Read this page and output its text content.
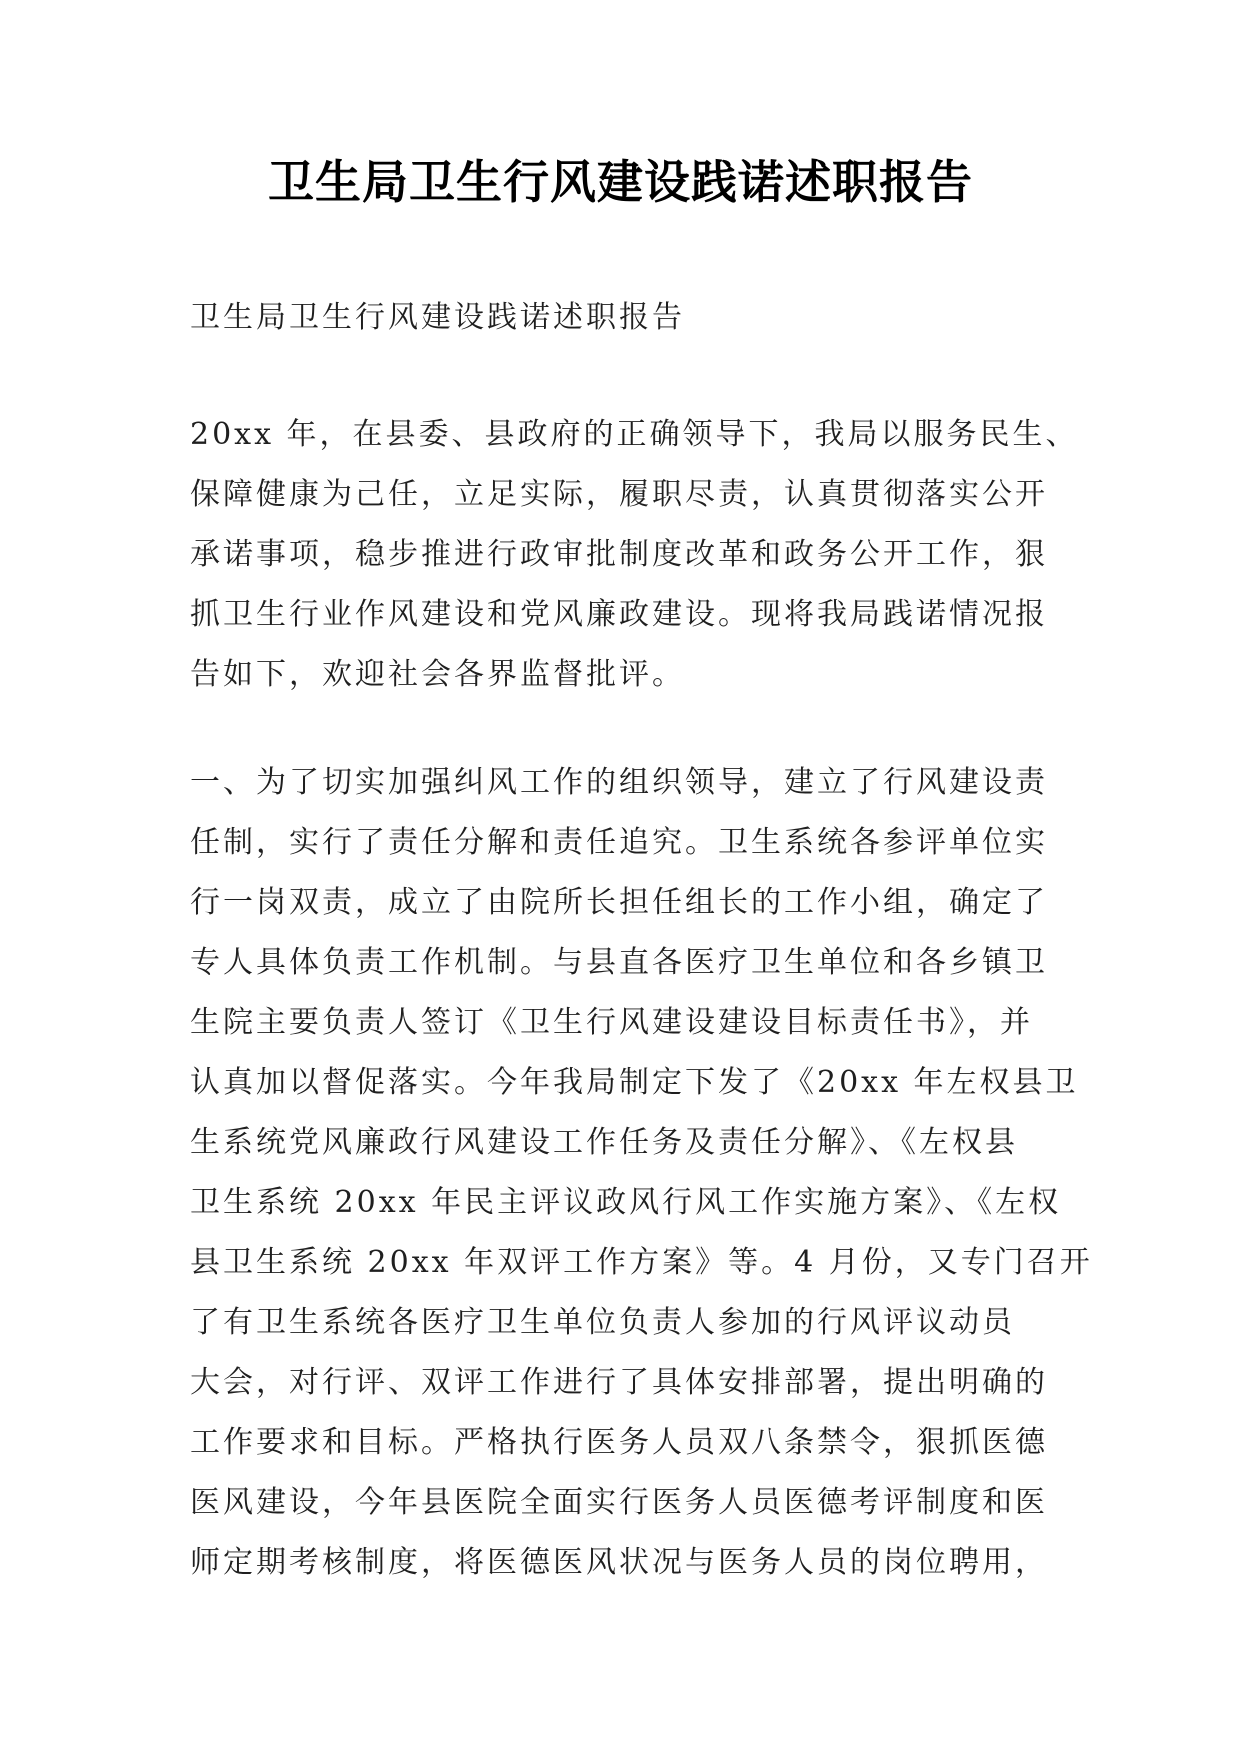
卫生局卫生行风建设践诺述职报告

卫生局卫生行风建设践诺述职报告

20xx 年，在县委、县政府的正确领导下，我局以服务民生、
保障健康为己任，立足实际，履职尽责，认真贯彻落实公开
承诺事项，稳步推进行政审批制度改革和政务公开工作，狠
抓卫生行业作风建设和党风廉政建设。现将我局践诺情况报
告如下，欢迎社会各界监督批评。

一、为了切实加强纠风工作的组织领导，建立了行风建设责
任制，实行了责任分解和责任追究。卫生系统各参评单位实
行一岗双责，成立了由院所长担任组长的工作小组，确定了
专人具体负责工作机制。与县直各医疗卫生单位和各乡镇卫
生院主要负责人签订《卫生行风建设建设目标责任书》，并
认真加以督促落实。今年我局制定下发了《20xx 年左权县卫
生系统党风廉政行风建设工作任务及责任分解》、《左权县
卫生系统 20xx 年民主评议政风行风工作实施方案》、《左权
县卫生系统 20xx 年双评工作方案》等。4 月份，又专门召开
了有卫生系统各医疗卫生单位负责人参加的行风评议动员
大会，对行评、双评工作进行了具体安排部署，提出明确的
工作要求和目标。严格执行医务人员双八条禁令，狠抓医德
医风建设，今年县医院全面实行医务人员医德考评制度和医
师定期考核制度，将医德医风状况与医务人员的岗位聘用，
